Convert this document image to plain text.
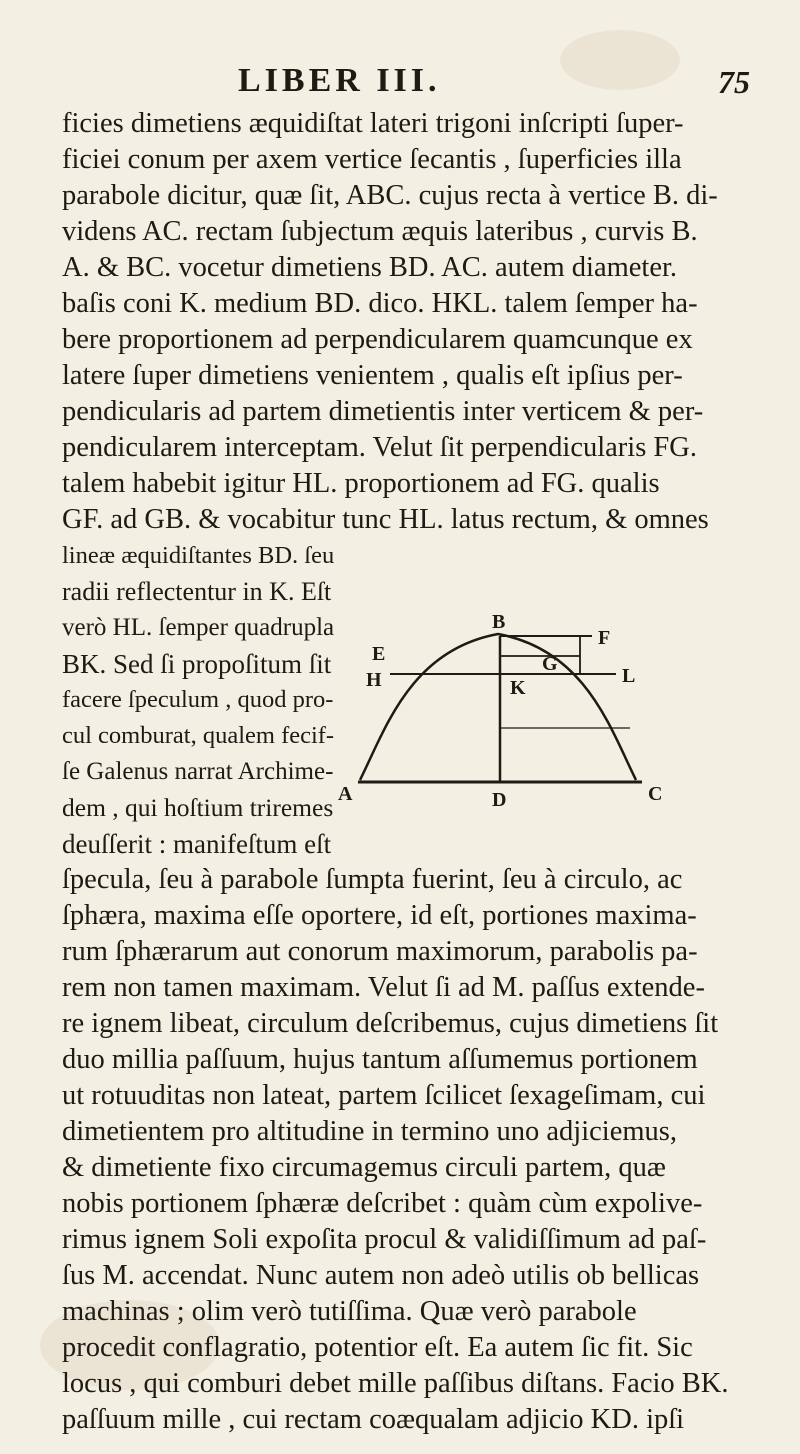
LIBER III.	75
ficies dimetiens æquidiſtat lateri trigoni inſcripti ſuper-
ficiei conum per axem vertice ſecantis , ſuperficies illa
parabole dicitur, quæ ſit, ABC. cujus recta à vertice B. di-
videns AC. rectam ſubjectum æquis lateribus , curvis B.
A. & BC. vocetur dimetiens BD. AC. autem diameter.
baſis coni K. medium BD. dico. HKL. talem ſemper ha-
bere proportionem ad perpendicularem quamcunque ex
latere ſuper dimetiens venientem , qualis eſt ipſius per-
pendicularis ad partem dimetientis inter verticem & per-
pendicularem interceptam. Velut ſit perpendicularis FG.
talem habebit igitur HL. proportionem ad FG. qualis
GF. ad GB. & vocabitur tunc HL. latus rectum, & omnes
lineæ æquidiſtantes BD. ſeu
radii reflectentur in K. Eſt
verò HL. ſemper quadrupla
BK. Sed ſi propoſitum ſit
facere ſpeculum , quod pro-
cul comburat, qualem fecif-
ſe Galenus narrat Archime-
dem , qui hoſtium triremes
deuſſerit : manifeſtum eſt
B
E
F
G
H	L
K
A	D	C
ſpecula, ſeu à parabole ſumpta fuerint, ſeu à circulo, ac
ſphæra, maxima eſſe oportere, id eſt, portiones maxima-
rum ſphærarum aut conorum maximorum, parabolis pa-
rem non tamen maximam. Velut ſi ad M. paſſus extende-
re ignem libeat, circulum deſcribemus, cujus dimetiens ſit
duo millia paſſuum, hujus tantum aſſumemus portionem
ut rotuuditas non lateat, partem ſcilicet ſexageſimam, cui
dimetientem pro altitudine in termino uno adjiciemus,
& dimetiente fixo circumagemus circuli partem, quæ
nobis portionem ſphæræ deſcribet : quàm cùm expolive-
rimus ignem Soli expoſita procul & validiſſimum ad paſ-
ſus M. accendat. Nunc autem non adeò utilis ob bellicas
machinas ; olim verò tutiſſima. Quæ verò parabole
procedit conflagratio, potentior eſt. Ea autem ſic fit. Sic
locus , qui comburi debet mille paſſibus diſtans. Facio BK.
paſſuum mille , cui rectam coæqualam adjicio KD. ipſi
